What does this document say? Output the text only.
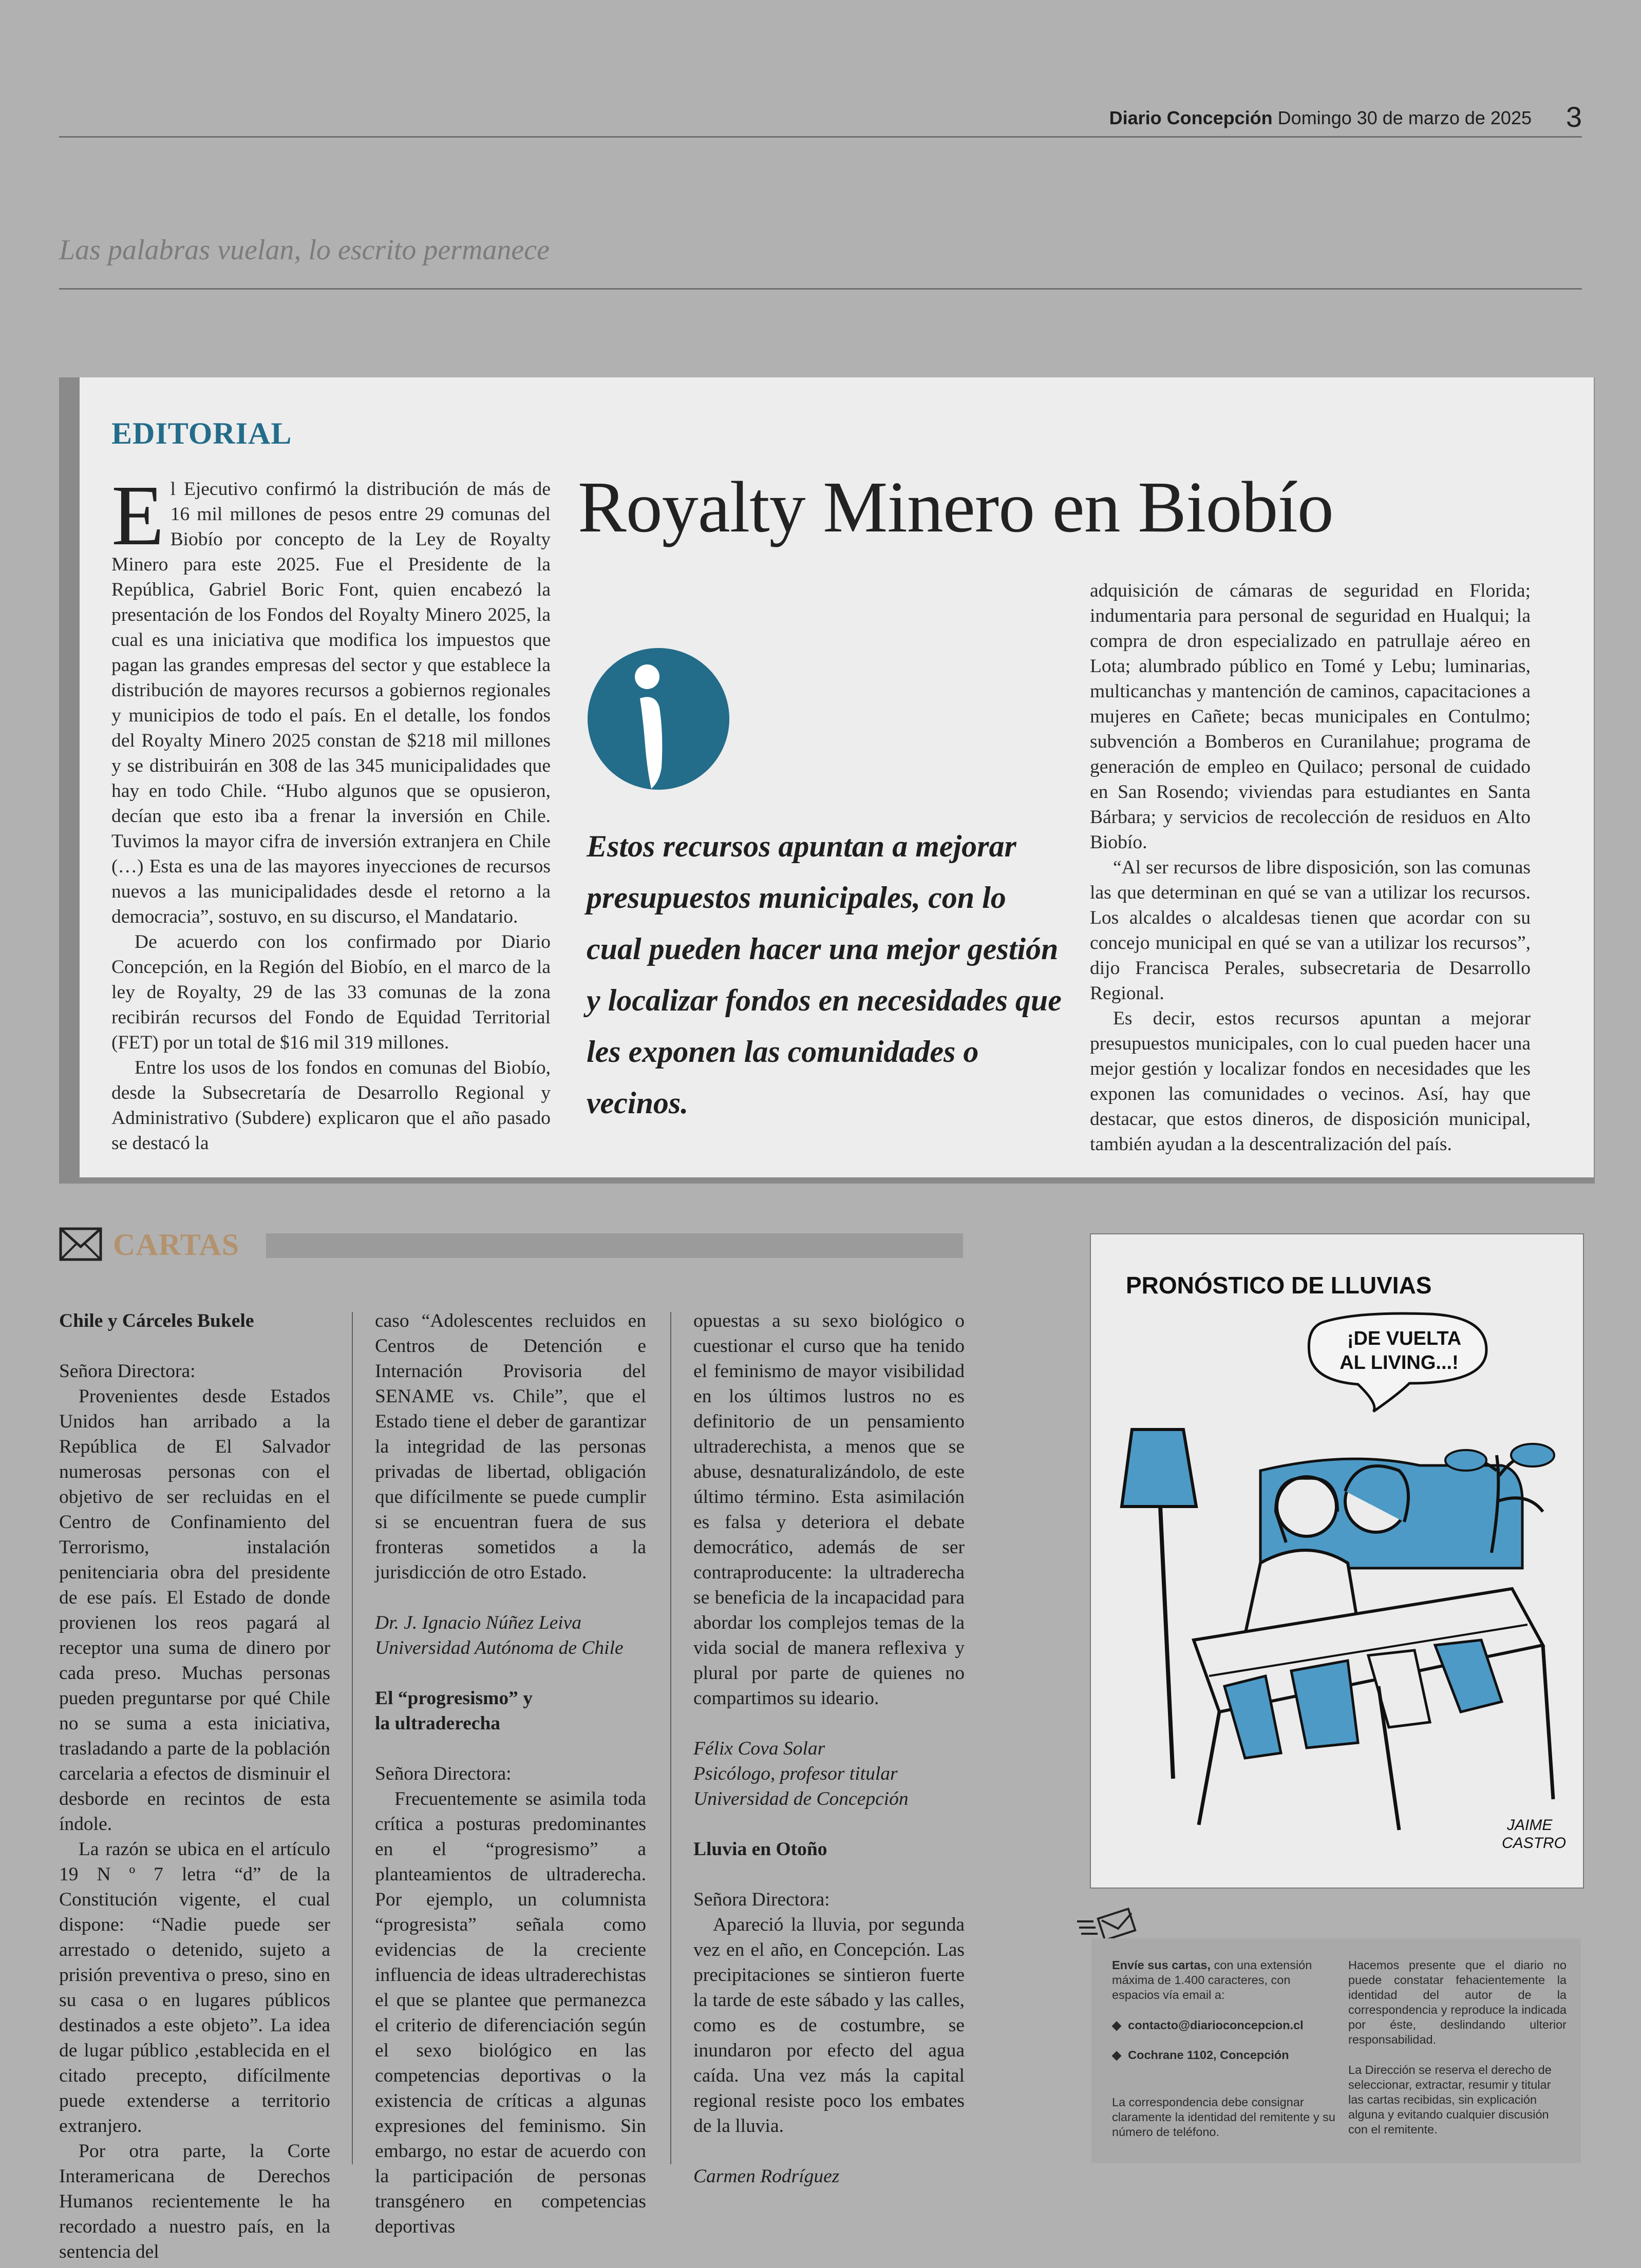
Diario Concepción Domingo 30 de marzo de 2025 3
Las palabras vuelan, lo escrito permanece
EDITORIAL

El Ejecutivo confirmó la distribución de más de 16 mil millones de pesos entre 29 comunas del Biobío por concepto de la Ley de Royalty Minero para este 2025. Fue el Presidente de la República, Gabriel Boric Font, quien encabezó la presentación de los Fondos del Royalty Minero 2025, la cual es una iniciativa que modifica los impuestos que pagan las grandes empresas del sector y que establece la distribución de mayores recursos a gobiernos regionales y municipios de todo el país. En el detalle, los fondos del Royalty Minero 2025 constan de $218 mil millones y se distribuirán en 308 de las 345 municipalidades que hay en todo Chile. “Hubo algunos que se opusieron, decían que esto iba a frenar la inversión en Chile. Tuvimos la mayor cifra de inversión extranjera en Chile (…) Esta es una de las mayores inyecciones de recursos nuevos a las municipalidades desde el retorno a la democracia”, sostuvo, en su discurso, el Mandatario.

De acuerdo con los confirmado por Diario Concepción, en la Región del Biobío, en el marco de la ley de Royalty, 29 de las 33 comunas de la zona recibirán recursos del Fondo de Equidad Territorial (FET) por un total de $16 mil 319 millones.

Entre los usos de los fondos en comunas del Biobío, desde la Subsecretaría de Desarrollo Regional y Administrativo (Subdere) explicaron que el año pasado se destacó la

Royalty Minero en Biobío
Estos recursos apuntan a mejorar presupuestos municipales, con lo cual pueden hacer una mejor gestión y localizar fondos en necesidades que les exponen las comunidades o vecinos.

adquisición de cámaras de seguridad en Florida; indumentaria para personal de seguridad en Hualqui; la compra de dron especializado en patrullaje aéreo en Lota; alumbrado público en Tomé y Lebu; luminarias, multicanchas y mantención de caminos, capacitaciones a mujeres en Cañete; becas municipales en Contulmo; subvención a Bomberos en Curanilahue; programa de generación de empleo en Quilaco; personal de cuidado en San Rosendo; viviendas para estudiantes en Santa Bárbara; y servicios de recolección de residuos en Alto Biobío.

“Al ser recursos de libre disposición, son las comunas las que determinan en qué se van a utilizar los recursos. Los alcaldes o alcaldesas tienen que acordar con su concejo municipal en qué se van a utilizar los recursos”, dijo Francisca Perales, subsecretaria de Desarrollo Regional.

Es decir, estos recursos apuntan a mejorar presupuestos municipales, con lo cual pueden hacer una mejor gestión y localizar fondos en necesidades que les exponen las comunidades o vecinos. Así, hay que destacar, que estos dineros, de disposición municipal, también ayudan a la descentralización del país.

CARTAS

Chile y Cárceles Bukele

Señora Directora:

Provenientes desde Estados Unidos han arribado a la República de El Salvador numerosas personas con el objetivo de ser recluidas en el Centro de Confinamiento del Terrorismo, instalación penitenciaria obra del presidente de ese país. El Estado de donde provienen los reos pagará al receptor una suma de dinero por cada preso. Muchas personas pueden preguntarse por qué Chile no se suma a esta iniciativa, trasladando a parte de la población carcelaria a efectos de disminuir el desborde en recintos de esta índole.

La razón se ubica en el artículo 19 N º 7 letra “d” de la Constitución vigente, el cual dispone: “Nadie puede ser arrestado o detenido, sujeto a prisión preventiva o preso, sino en su casa o en lugares públicos destinados a este objeto”. La idea de lugar público ,establecida en el citado precepto, difícilmente puede extenderse a territorio extranjero.

Por otra parte, la Corte Interamericana de Derechos Humanos recientemente le ha recordado a nuestro país, en la sentencia del

caso “Adolescentes recluidos en Centros de Detención e Internación Provisoria del SENAME vs. Chile”, que el Estado tiene el deber de garantizar la integridad de las personas privadas de libertad, obligación que difícilmente se puede cumplir si se encuentran fuera de sus fronteras sometidos a la jurisdicción de otro Estado.

Dr. J. Ignacio Núñez Leiva

Universidad Autónoma de Chile

El “progresismo” y

la ultraderecha

Señora Directora:

Frecuentemente se asimila toda crítica a posturas predominantes en el “progresismo” a planteamientos de ultraderecha. Por ejemplo, un columnista “progresista” señala como evidencias de la creciente influencia de ideas ultraderechistas el que se plantee que permanezca el criterio de diferenciación según el sexo biológico en las competencias deportivas o la existencia de críticas a algunas expresiones del feminismo. Sin embargo, no estar de acuerdo con la participación de personas transgénero en competencias deportivas

opuestas a su sexo biológico o cuestionar el curso que ha tenido el feminismo de mayor visibilidad en los últimos lustros no es definitorio de un pensamiento ultraderechista, a menos que se abuse, desnaturalizándolo, de este último término. Esta asimilación es falsa y deteriora el debate democrático, además de ser contraproducente: la ultraderecha se beneficia de la incapacidad para abordar los complejos temas de la vida social de manera reflexiva y plural por parte de quienes no compartimos su ideario.

Félix Cova Solar

Psicólogo, profesor titular

Universidad de Concepción

Lluvia en Otoño

Señora Directora:

Apareció la lluvia, por segunda vez en el año, en Concepción. Las precipitaciones se sintieron fuerte la tarde de este sábado y las calles, como es de costumbre, se inundaron por efecto del agua caída. Una vez más la capital regional resiste poco los embates de la lluvia.

Carmen Rodríguez

PRONÓSTICO DE LLUVIAS
¡DE VUELTA
AL LIVING...!
JAIME
CASTRO
Envíe sus cartas, con una extensión máxima de 1.400 caracteres, con espacios vía email a:
◆  contacto@diarioconcepcion.cl
◆  Cochrane 1102, Concepción
La correspondencia debe consignar claramente la identidad del remitente y su número de teléfono.
Hacemos presente que el diario no puede constatar fehacientemente la identidad del autor de la correspondencia y reproduce la indicada por éste, deslindando ulterior responsabilidad.
La Dirección se reserva el derecho de seleccionar, extractar, resumir y titular las cartas recibidas, sin explicación alguna y evitando cualquier discusión con el remitente.
